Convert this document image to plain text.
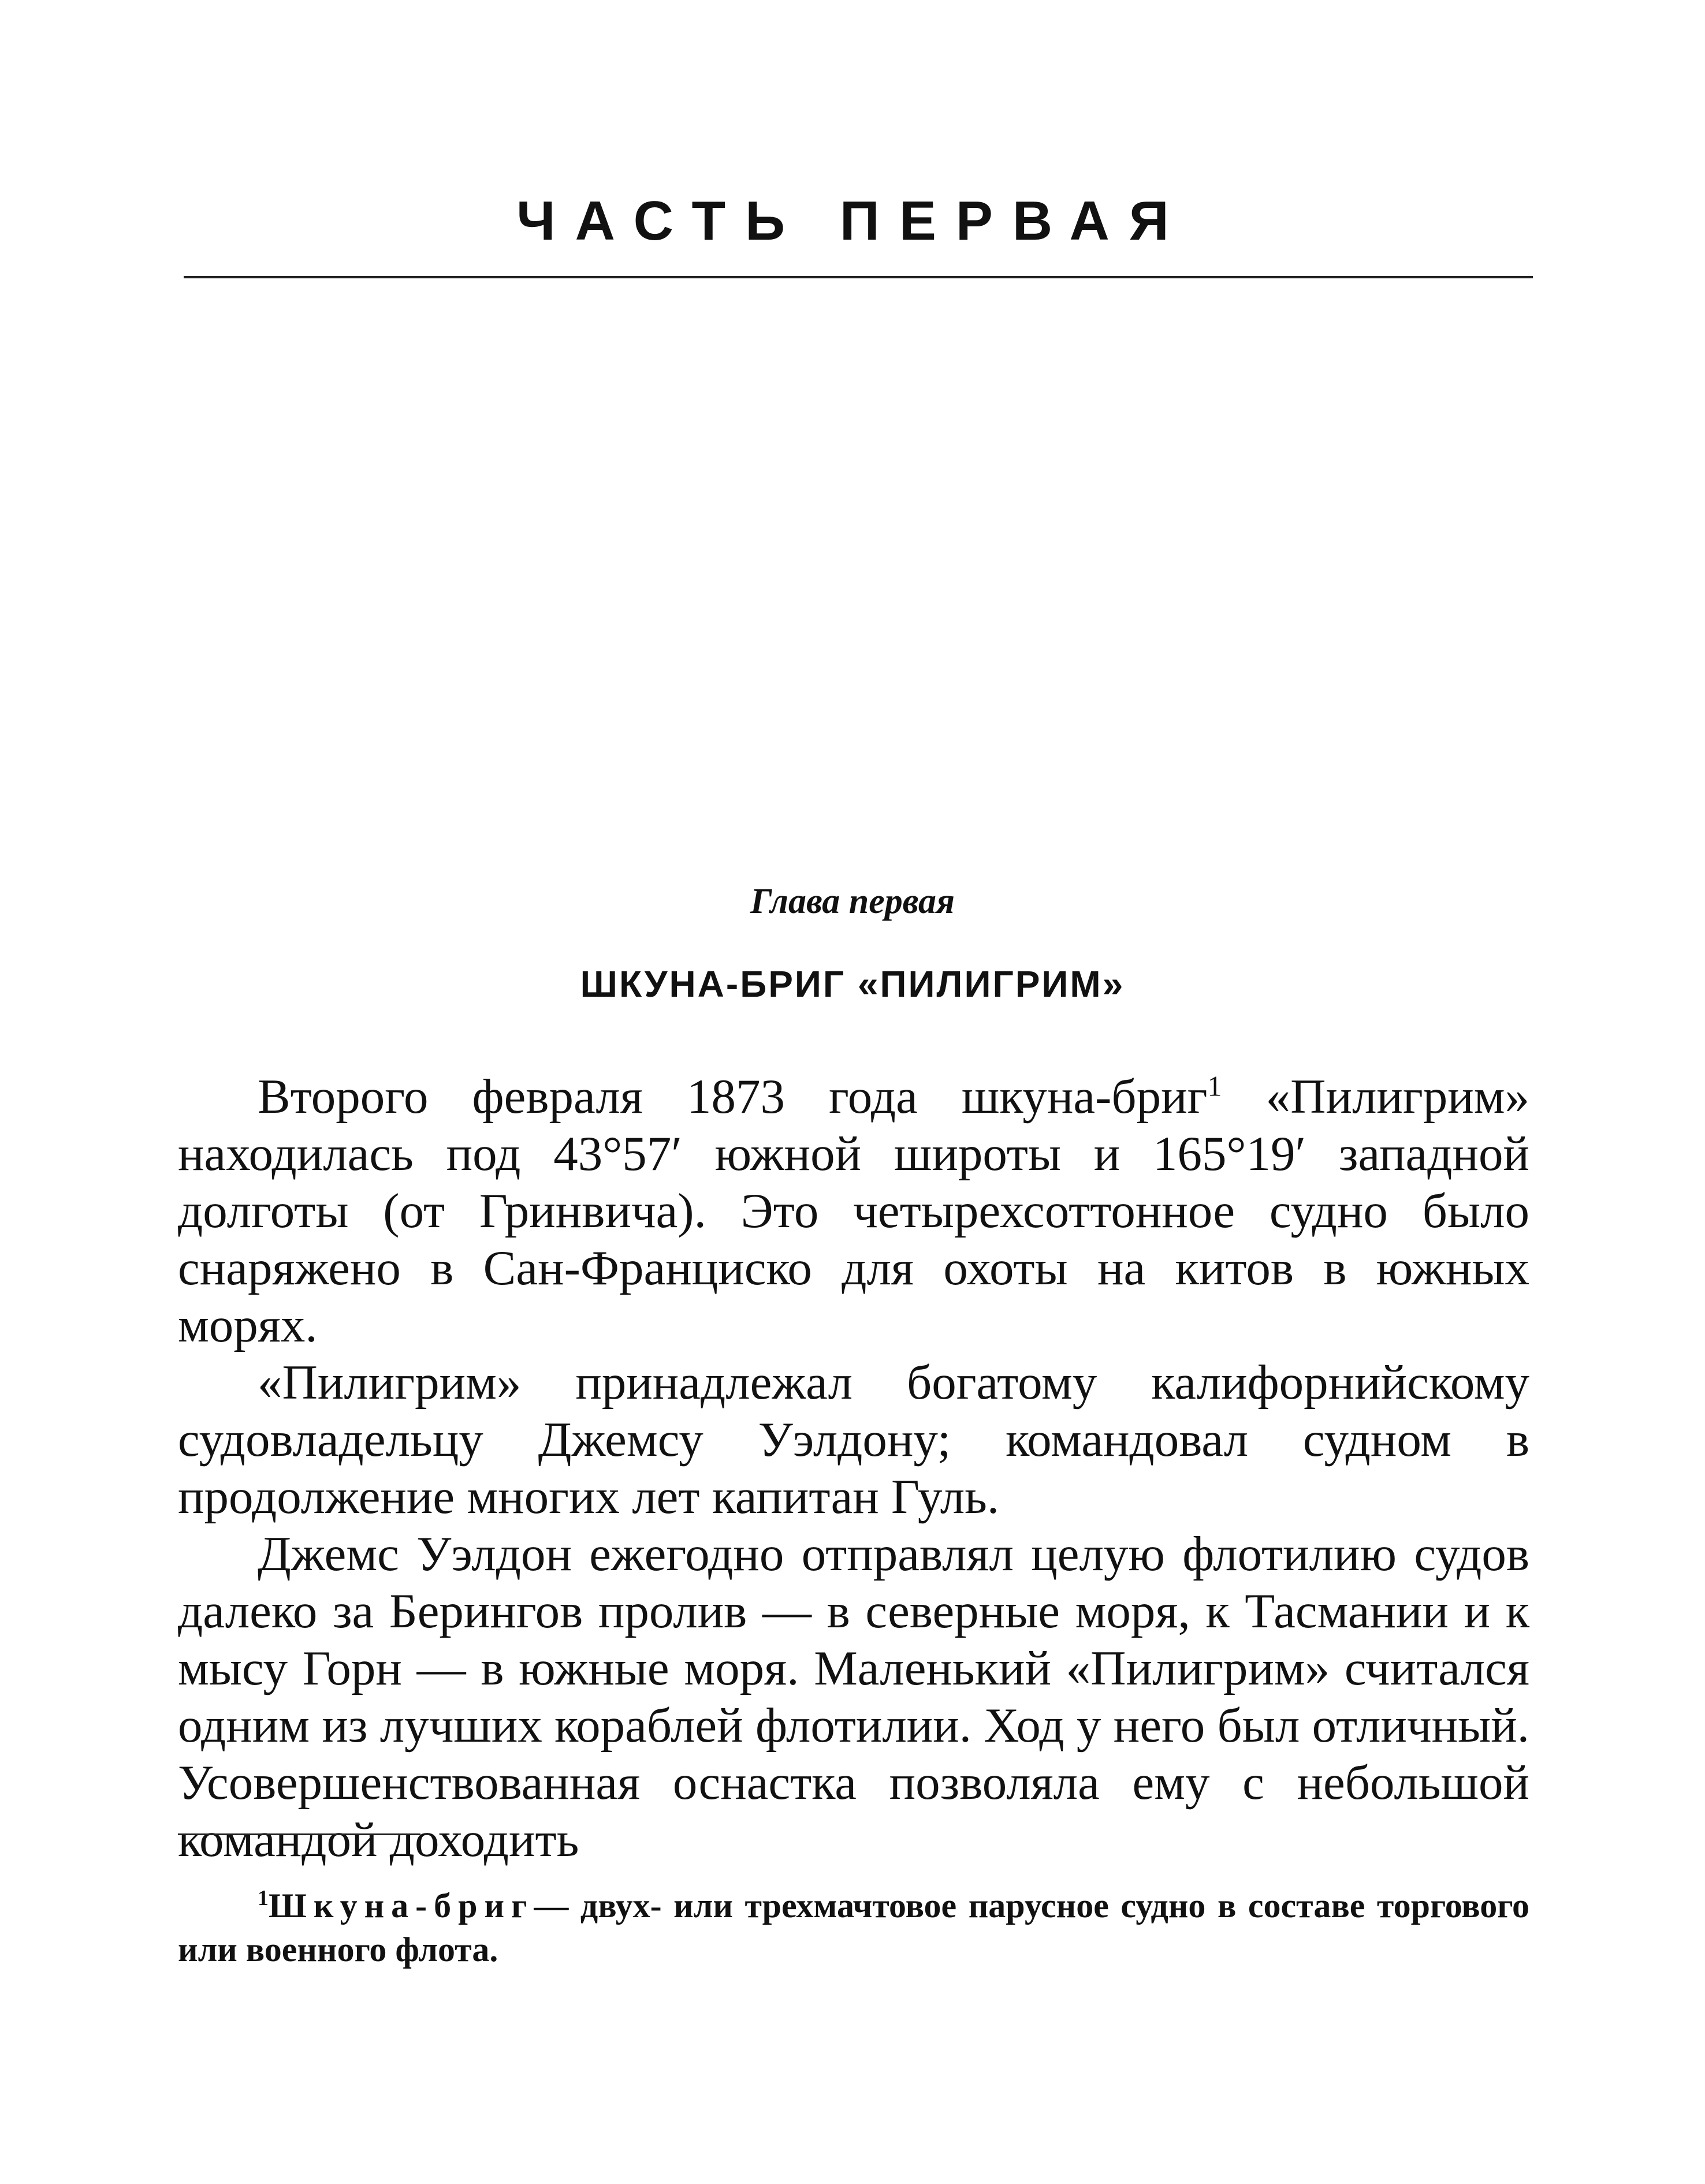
ЧАСТЬ ПЕРВАЯ
Глава первая
ШКУНА-БРИГ «ПИЛИГРИМ»

Второго февраля 1873 года шкуна-бриг$^1$ «Пилигрим» находилась под 43°57′ южной широты и 165°19′ западной долготы (от Гринвича). Это четырехсоттонное судно было снаряжено в Сан-Франциско для охоты на китов в южных морях.

«Пилигрим» принадлежал богатому калифорнийскому судовладельцу Джемсу Уэлдону; командовал судном в продолжение многих лет капитан Гуль.

Джемс Уэлдон ежегодно отправлял целую флотилию судов далеко за Берингов пролив — в северные моря, к Тасмании и к мысу Горн — в южные моря. Маленький «Пилигрим» считался одним из лучших кораблей флотилии. Ход у него был отличный. Усовершенствованная оснастка позволяла ему с небольшой командой доходить

$^1$Шкуна-бриг— двух- или трехмачтовое парусное судно в составе торгового или военного флота.
